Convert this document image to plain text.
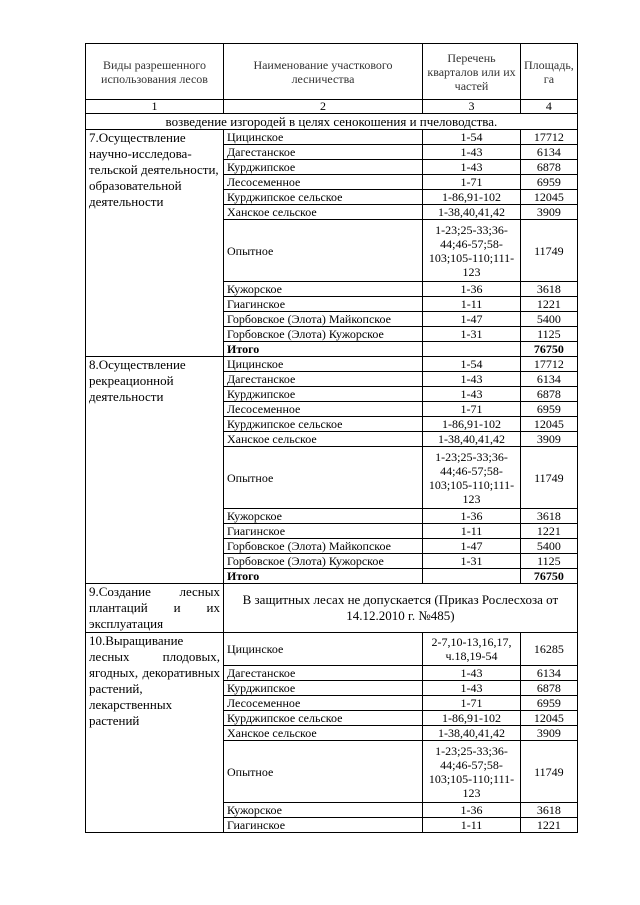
Виды разрешенного использования лесов	Наименование участкового лесничества	Перечень кварталов или их частей	Площадь, га
1	2	3	4
возведение изгородей в целях сенокошения и пчеловодства.			
7.Осуществление научно-исследова-тельской деятельности, образовательной деятельности	Цицинское	1-54	17712
	Дагестанское	1-43	6134
	Курджипское	1-43	6878
	Лесосеменное	1-71	6959
	Курджипское сельское	1-86,91-102	12045
	Ханское сельское	1-38,40,41,42	3909
	Опытное	1-23;25-33;36-44;46-57;58-103;105-110;111-123	11749
	Кужорское	1-36	3618
	Гиагинское	1-11	1221
	Горбовское (Элота) Майкопское	1-47	5400
	Горбовское (Элота) Кужорское	1-31	1125
	Итого		76750
8.Осуществление рекреационной деятельности	Цицинское	1-54	17712
	Дагестанское	1-43	6134
	Курджипское	1-43	6878
	Лесосеменное	1-71	6959
	Курджипское сельское	1-86,91-102	12045
	Ханское сельское	1-38,40,41,42	3909
	Опытное	1-23;25-33;36-44;46-57;58-103;105-110;111-123	11749
	Кужорское	1-36	3618
	Гиагинское	1-11	1221
	Горбовское (Элота) Майкопское	1-47	5400
	Горбовское (Элота) Кужорское	1-31	1125
	Итого		76750
9.Создание лесных плантаций и их эксплуатация	В защитных лесах не допускается (Приказ Рослесхоза от 14.12.2010 г. №485)		
10.Выращивание лесных плодовых, ягодных, декоративных растений, лекарственных растений	Цицинское	2-7,10-13,16,17, ч.18,19-54	16285
	Дагестанское	1-43	6134
	Курджипское	1-43	6878
	Лесосеменное	1-71	6959
	Курджипское сельское	1-86,91-102	12045
	Ханское сельское	1-38,40,41,42	3909
	Опытное	1-23;25-33;36-44;46-57;58-103;105-110;111-123	11749
	Кужорское	1-36	3618
	Гиагинское	1-11	1221
